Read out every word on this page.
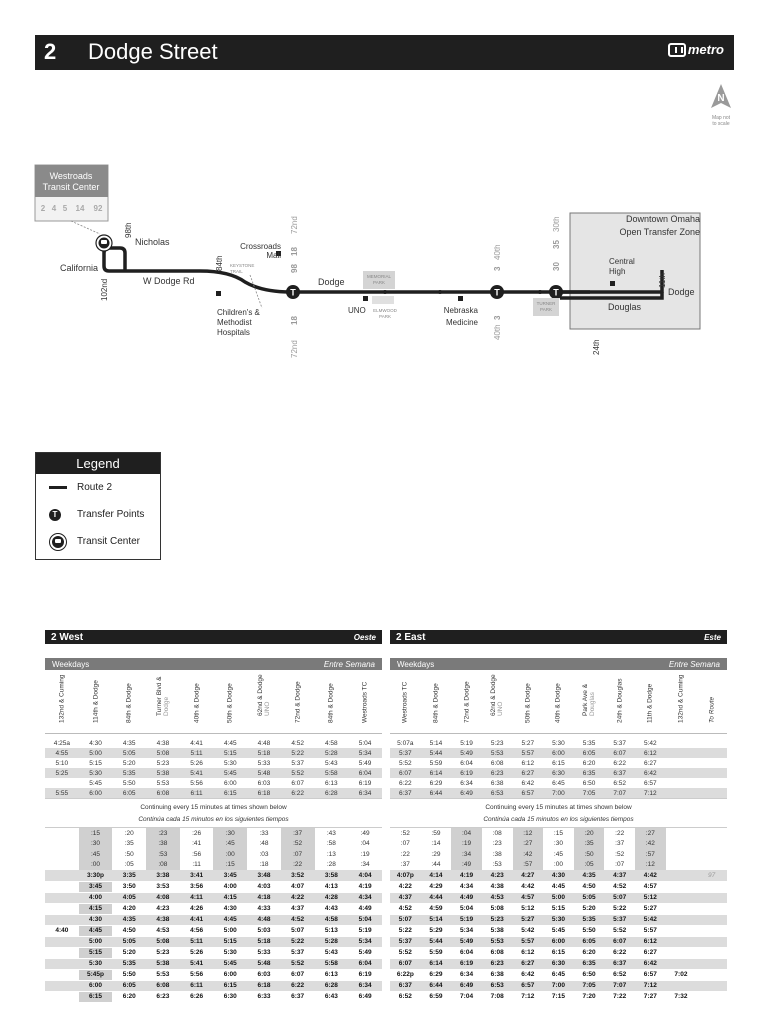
2 Dodge Street	metro
N
Map not
to scale
Westroads
Transit Center
2 4 5 14 92
Downtown Omaha
Open Transfer Zone
T	T	T
MEMORIAL
PARK
ELMWOOD
PARK
TURNER
PARK
KEYSTONE
TRAIL
Nicholas
California
W Dodge Rd
98th
102nd
84th
Crossroads
Mall
Children's &
Methodist
Hospitals
72nd
18
98
18
72nd
Dodge
UNO	Nebraska
Medicine
40th
3
3
40th
30th
35
30
Central
High
Douglas
11th
Dodge
24th
Legend
Route 2
T	Transfer Points
Transit Center
2 West	Oeste
Weekdays	Entre Semana
132nd & Cuming	114th & Dodge	84th & Dodge	Turner Blvd & Dodge	40th & Dodge	50th & Dodge	62nd & Dodge UNO	72nd & Dodge	84th & Dodge	Westroads TC
4:25a	4:30	4:35	4:38	4:41	4:45	4:48	4:52	4:58	5:04
4:55	5:00	5:05	5:08	5:11	5:15	5:18	5:22	5:28	5:34
5:10	5:15	5:20	5:23	5:26	5:30	5:33	5:37	5:43	5:49
5:25	5:30	5:35	5:38	5:41	5:45	5:48	5:52	5:58	6:04
	5:45	5:50	5:53	5:56	6:00	6:03	6:07	6:13	6:19
5:55	6:00	6:05	6:08	6:11	6:15	6:18	6:22	6:28	6:34
Continuing every 15 minutes at times shown below
Continúa cada 15 minutos en los siguientes tiempos
	:15	:20	:23	:26	:30	:33	:37	:43	:49
	:30	:35	:38	:41	:45	:48	:52	:58	:04
	:45	:50	:53	:56	:00	:03	:07	:13	:19
	:00	:05	:08	:11	:15	:18	:22	:28	:34
	3:30p	3:35	3:38	3:41	3:45	3:48	3:52	3:58	4:04
	3:45	3:50	3:53	3:56	4:00	4:03	4:07	4:13	4:19
	4:00	4:05	4:08	4:11	4:15	4:18	4:22	4:28	4:34
	4:15	4:20	4:23	4:26	4:30	4:33	4:37	4:43	4:49
	4:30	4:35	4:38	4:41	4:45	4:48	4:52	4:58	5:04
4:40	4:45	4:50	4:53	4:56	5:00	5:03	5:07	5:13	5:19
	5:00	5:05	5:08	5:11	5:15	5:18	5:22	5:28	5:34
	5:15	5:20	5:23	5:26	5:30	5:33	5:37	5:43	5:49
	5:30	5:35	5:38	5:41	5:45	5:48	5:52	5:58	6:04
	5:45p	5:50	5:53	5:56	6:00	6:03	6:07	6:13	6:19
	6:00	6:05	6:08	6:11	6:15	6:18	6:22	6:28	6:34
	6:15	6:20	6:23	6:26	6:30	6:33	6:37	6:43	6:49
2 East	Este
Weekdays	Entre Semana
Westroads TC	84th & Dodge	72nd & Dodge	62nd & Dodge UNO	50th & Dodge	40th & Dodge	Park Ave & Douglas	24th & Douglas	11th & Dodge	132nd & Cuming	To Route
5:07a	5:14	5:19	5:23	5:27	5:30	5:35	5:37	5:42		
5:37	5:44	5:49	5:53	5:57	6:00	6:05	6:07	6:12		
5:52	5:59	6:04	6:08	6:12	6:15	6:20	6:22	6:27		
6:07	6:14	6:19	6:23	6:27	6:30	6:35	6:37	6:42		
6:22	6:29	6:34	6:38	6:42	6:45	6:50	6:52	6:57		
6:37	6:44	6:49	6:53	6:57	7:00	7:05	7:07	7:12		
Continuing every 15 minutes at times shown below
Continúa cada 15 minutos en los siguientes tiempos
:52	:59	:04	:08	:12	:15	:20	:22	:27		
:07	:14	:19	:23	:27	:30	:35	:37	:42		
:22	:29	:34	:38	:42	:45	:50	:52	:57		
:37	:44	:49	:53	:57	:00	:05	:07	:12		
4:07p	4:14	4:19	4:23	4:27	4:30	4:35	4:37	4:42		97
4:22	4:29	4:34	4:38	4:42	4:45	4:50	4:52	4:57		
4:37	4:44	4:49	4:53	4:57	5:00	5:05	5:07	5:12		
4:52	4:59	5:04	5:08	5:12	5:15	5:20	5:22	5:27		
5:07	5:14	5:19	5:23	5:27	5:30	5:35	5:37	5:42		
5:22	5:29	5:34	5:38	5:42	5:45	5:50	5:52	5:57		
5:37	5:44	5:49	5:53	5:57	6:00	6:05	6:07	6:12		
5:52	5:59	6:04	6:08	6:12	6:15	6:20	6:22	6:27		
6:07	6:14	6:19	6:23	6:27	6:30	6:35	6:37	6:42		
6:22p	6:29	6:34	6:38	6:42	6:45	6:50	6:52	6:57	7:02	
6:37	6:44	6:49	6:53	6:57	7:00	7:05	7:07	7:12		
6:52	6:59	7:04	7:08	7:12	7:15	7:20	7:22	7:27	7:32	
